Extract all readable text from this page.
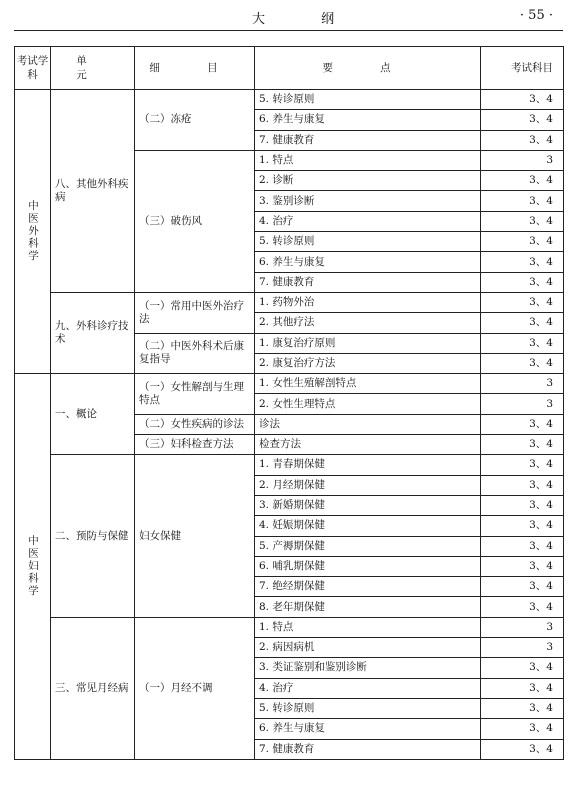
大 纲	· 55 ·
考试学科	单 元	细 目	要 点	考试科目
中医外科学	八、其他外科疾病	（二）冻疮	5. 转诊原则	3、4
			6. 养生与康复	3、4
			7. 健康教育	3、4
		（三）破伤风	1. 特点	3
			2. 诊断	3、4
			3. 鉴别诊断	3、4
			4. 治疗	3、4
			5. 转诊原则	3、4
			6. 养生与康复	3、4
			7. 健康教育	3、4
	九、外科诊疗技术	（一）常用中医外治疗法	1. 药物外治	3、4
			2. 其他疗法	3、4
		（二）中医外科术后康复指导	1. 康复治疗原则	3、4
			2. 康复治疗方法	3、4
中医妇科学	一、概论	（一）女性解剖与生理特点	1. 女性生殖解剖特点	3
			2. 女性生理特点	3
		（二）女性疾病的诊法	诊法	3、4
		（三）妇科检查方法	检查方法	3、4
	二、预防与保健	妇女保健	1. 青春期保健	3、4
			2. 月经期保健	3、4
			3. 新婚期保健	3、4
			4. 妊娠期保健	3、4
			5. 产褥期保健	3、4
			6. 哺乳期保健	3、4
			7. 绝经期保健	3、4
			8. 老年期保健	3、4
	三、常见月经病	（一）月经不调	1. 特点	3
			2. 病因病机	3
			3. 类证鉴别和鉴别诊断	3、4
			4. 治疗	3、4
			5. 转诊原则	3、4
			6. 养生与康复	3、4
			7. 健康教育	3、4
